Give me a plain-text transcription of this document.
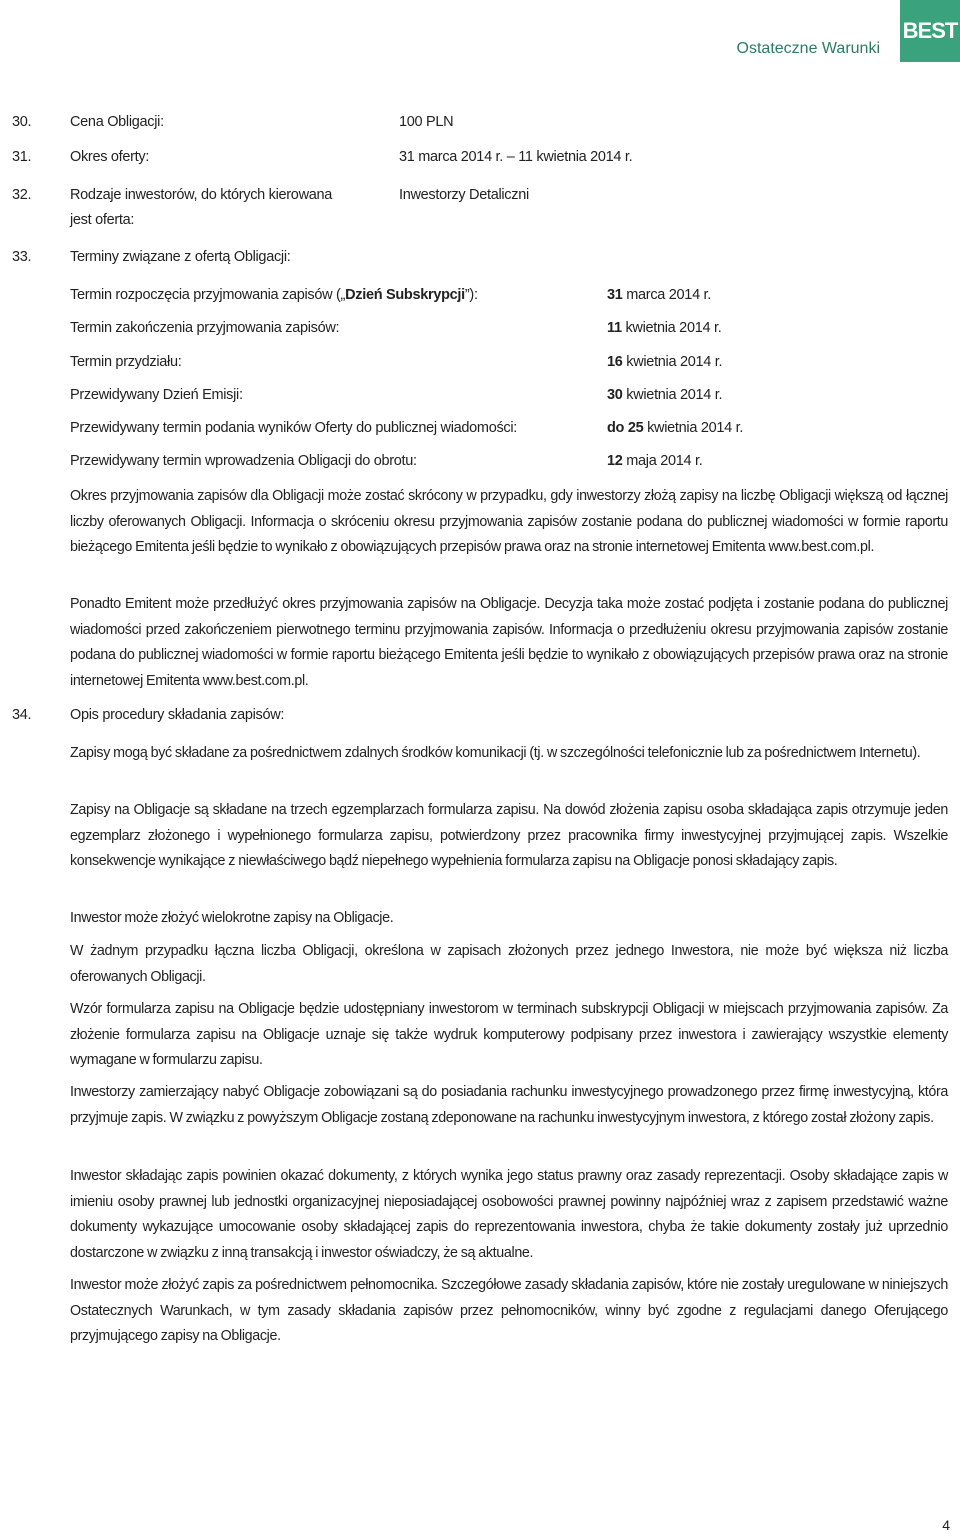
Ostateczne Warunki
BEST
30.	Cena Obligacji:	100 PLN
31.	Okres oferty:	31 marca 2014 r. – 11 kwietnia 2014 r.
32.	Rodzaje inwestorów, do których kierowana	Inwestorzy Detaliczni
jest oferta:
33.	Terminy związane z ofertą Obligacji:
Termin rozpoczęcia przyjmowania zapisów („Dzień Subskrypcji”):	31 marca 2014 r.
Termin zakończenia przyjmowania zapisów:	11 kwietnia 2014 r.
Termin przydziału:	16 kwietnia 2014 r.
Przewidywany Dzień Emisji:	30 kwietnia 2014 r.
Przewidywany termin podania wyników Oferty do publicznej wiadomości:	do 25 kwietnia 2014 r.
Przewidywany termin wprowadzenia Obligacji do obrotu:	12 maja 2014 r.
Okres przyjmowania zapisów dla Obligacji może zostać skrócony w przypadku, gdy inwestorzy złożą zapisy na liczbę Obligacji większą od łącznej liczby oferowanych Obligacji. Informacja o skróceniu okresu przyjmowania zapisów zostanie podana do publicznej wiadomości w formie raportu bieżącego Emitenta jeśli będzie to wynikało z obowiązujących przepisów prawa oraz na stronie internetowej Emitenta www.best.com.pl.
Ponadto Emitent może przedłużyć okres przyjmowania zapisów na Obligacje. Decyzja taka może zostać podjęta i zostanie podana do publicznej wiadomości przed zakończeniem pierwotnego terminu przyjmowania zapisów. Informacja o przedłużeniu okresu przyjmowania zapisów zostanie podana do publicznej wiadomości w formie raportu bieżącego Emitenta jeśli będzie to wynikało z obowiązujących przepisów prawa oraz na stronie internetowej Emitenta www.best.com.pl.
34.	Opis procedury składania zapisów:
Zapisy mogą być składane za pośrednictwem zdalnych środków komunikacji (tj. w szczególności telefonicznie lub za pośrednictwem Internetu).
Zapisy na Obligacje są składane na trzech egzemplarzach formularza zapisu. Na dowód złożenia zapisu osoba składająca zapis otrzymuje jeden egzemplarz złożonego i wypełnionego formularza zapisu, potwierdzony przez pracownika firmy inwestycyjnej przyjmującej zapis. Wszelkie konsekwencje wynikające z niewłaściwego bądź niepełnego wypełnienia formularza zapisu na Obligacje ponosi składający zapis.
Inwestor może złożyć wielokrotne zapisy na Obligacje.
W żadnym przypadku łączna liczba Obligacji, określona w zapisach złożonych przez jednego Inwestora, nie może być większa niż liczba oferowanych Obligacji.
Wzór formularza zapisu na Obligacje będzie udostępniany inwestorom w terminach subskrypcji Obligacji w miejscach przyjmowania zapisów. Za złożenie formularza zapisu na Obligacje uznaje się także wydruk komputerowy podpisany przez inwestora i zawierający wszystkie elementy wymagane w formularzu zapisu.
Inwestorzy zamierzający nabyć Obligacje zobowiązani są do posiadania rachunku inwestycyjnego prowadzonego przez firmę inwestycyjną, która przyjmuje zapis. W związku z powyższym Obligacje zostaną zdeponowane na rachunku inwestycyjnym inwestora, z którego został złożony zapis.
Inwestor składając zapis powinien okazać dokumenty, z których wynika jego status prawny oraz zasady reprezentacji. Osoby składające zapis w imieniu osoby prawnej lub jednostki organizacyjnej nieposiadającej osobowości prawnej powinny najpóźniej wraz z zapisem przedstawić ważne dokumenty wykazujące umocowanie osoby składającej zapis do reprezentowania inwestora, chyba że takie dokumenty zostały już uprzednio dostarczone w związku z inną transakcją i inwestor oświadczy, że są aktualne.
Inwestor może złożyć zapis za pośrednictwem pełnomocnika. Szczegółowe zasady składania zapisów, które nie zostały uregulowane w niniejszych Ostatecznych Warunkach, w tym zasady składania zapisów przez pełnomocników, winny być zgodne z regulacjami danego Oferującego przyjmującego zapisy na Obligacje.
4
